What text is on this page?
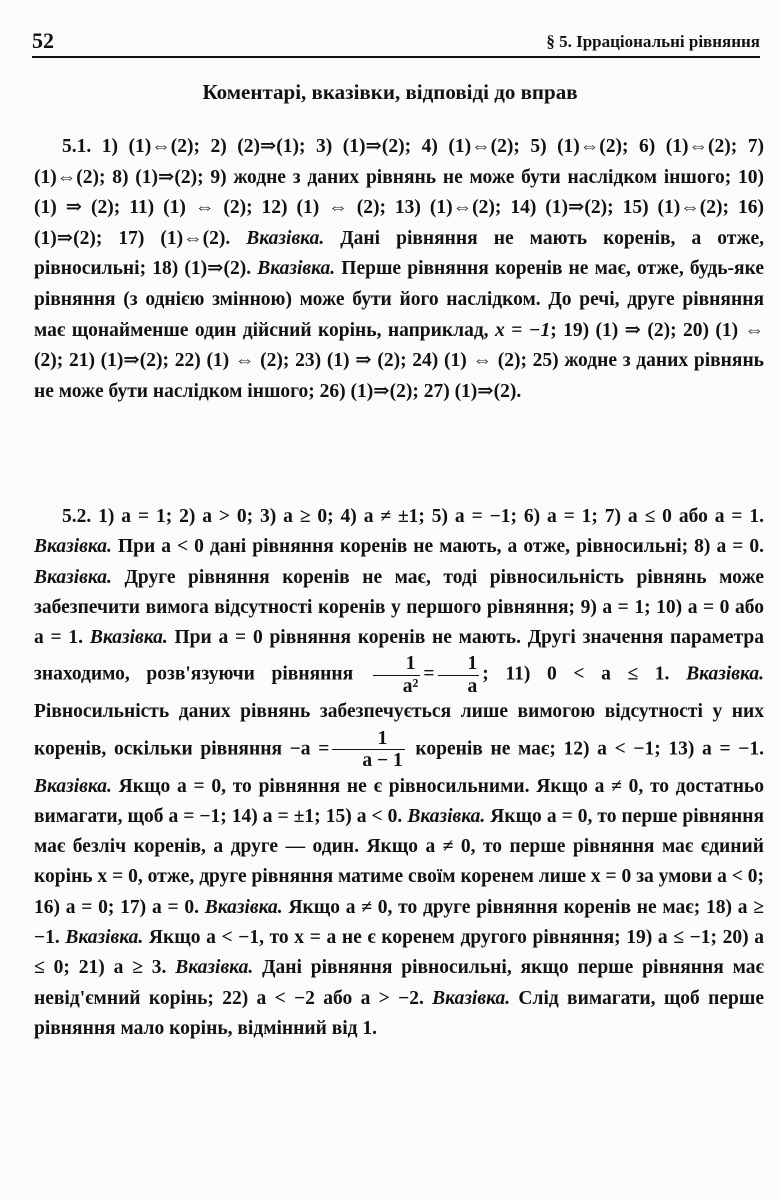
52	§ 5. Ірраціональні рівняння
Коментарі, вказівки, відповіді до вправ

5.1. 1) (1)⇔(2); 2) (2)⇒(1); 3) (1)⇒(2); 4) (1)⇔(2); 5) (1)⇔(2); 6) (1)⇔(2); 7) (1)⇔(2); 8) (1)⇒(2); 9) жодне з даних рівнянь не може бути наслідком іншого; 10) (1) ⇒ (2); 11) (1) ⇔ (2); 12) (1) ⇔ (2); 13) (1)⇔(2); 14) (1)⇒(2); 15) (1)⇔(2); 16) (1)⇒(2); 17) (1)⇔(2). Вказівка. Дані рівняння не мають коренів, а отже, рівносильні; 18) (1)⇒(2). Вказівка. Перше рівняння коренів не має, отже, будь-яке рівняння (з однією змінною) може бути його наслідком. До речі, друге рівняння має щонайменше один дійсний корінь, наприклад, x = −1; 19) (1) ⇒ (2); 20) (1) ⇔ (2); 21) (1)⇒(2); 22) (1) ⇔ (2); 23) (1) ⇒ (2); 24) (1) ⇔ (2); 25) жодне з даних рівнянь не може бути наслідком іншого; 26) (1)⇒(2); 27) (1)⇒(2).

5.2. 1) a = 1; 2) a > 0; 3) a ≥ 0; 4) a ≠ ±1; 5) a = −1; 6) a = 1; 7) a ≤ 0 або a = 1. Вказівка. При a < 0 дані рівняння коренів не мають, а отже, рівносильні; 8) a = 0. Вказівка. Друге рівняння коренів не має, тоді рівносильність рівнянь може забезпечити вимога відсутності коренів у першого рівняння; 9) a = 1; 10) a = 0 або a = 1. Вказівка. При a = 0 рівняння коренів не мають. Другі значення параметра знаходимо, розв'язуючи рівняння $\frac{1}{\text{a²}} = \frac{1}{a}$ ; 11) 0 < a ≤ 1. Вказівка. Рівносильність даних рівнянь забезпечується лише вимогою відсутності у них коренів, оскільки рівняння $-a = \frac{1}{a - 1}$ коренів не має; 12) a < −1; 13) a = −1. Вказівка. Якщо a = 0, то рівняння не є рівносильними. Якщо a ≠ 0, то достатньо вимагати, щоб a = −1; 14) a = ±1; 15) a < 0. Вказівка. Якщо a = 0, то перше рівняння має безліч коренів, а друге — один. Якщо a ≠ 0, то перше рівняння має єдиний корінь x = 0, отже, друге рівняння матиме своїм коренем лише x = 0 за умови a < 0; 16) a = 0; 17) a = 0. Вказівка. Якщо a ≠ 0, то друге рівняння коренів не має; 18) a ≥ −1. Вказівка. Якщо a < −1, то x = a не є коренем другого рівняння; 19) a ≤ −1; 20) a ≤ 0; 21) a ≥ 3. Вказівка. Дані рівняння рівносильні, якщо перше рівняння має невід'ємний корінь; 22) a < −2 або a > −2. Вказівка. Слід вимагати, щоб перше рівняння мало корінь, відмінний від 1.
